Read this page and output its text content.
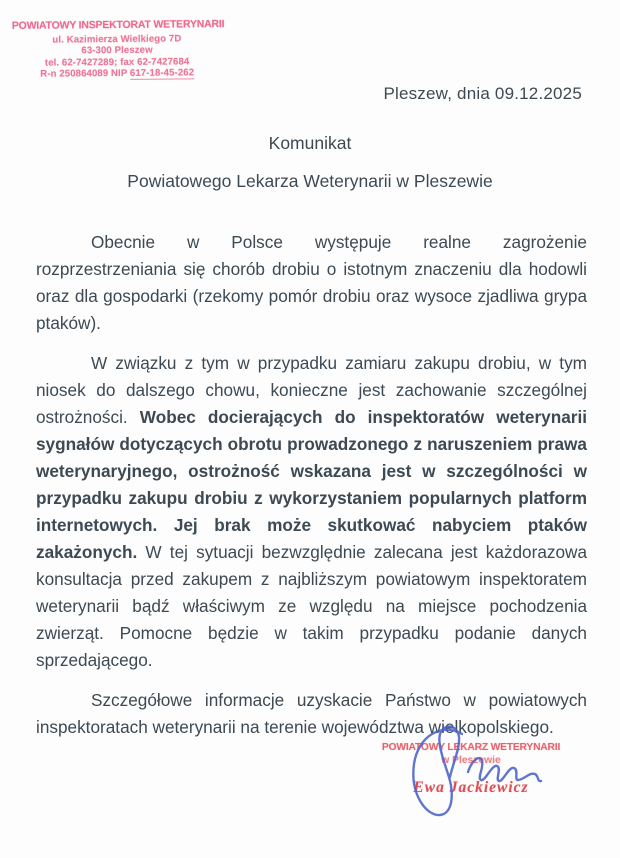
POWIATOWY INSPEKTORAT WETERYNARII
ul. Kazimierza Wielkiego 7D
63-300 Pleszew
tel. 62-7427289; fax 62-7427684
R-n 250864089 NIP 617-18-45-262
Pleszew, dnia 09.12.2025
Komunikat
Powiatowego Lekarza Weterynarii w Pleszewie

Obecnie w Polsce występuje realne zagrożenie rozprzestrzeniania się chorób drobiu o istotnym znaczeniu dla hodowli oraz dla gospodarki (rzekomy pomór drobiu oraz wysoce zjadliwa grypa ptaków).

W związku z tym w przypadku zamiaru zakupu drobiu, w tym niosek do dalszego chowu, konieczne jest zachowanie szczególnej ostrożności. Wobec docierających do inspektoratów weterynarii sygnałów dotyczących obrotu prowadzonego z naruszeniem prawa weterynaryjnego, ostrożność wskazana jest w szczególności w przypadku zakupu drobiu z wykorzystaniem popularnych platform internetowych. Jej brak może skutkować nabyciem ptaków zakażonych. W tej sytuacji bezwzględnie zalecana jest każdorazowa konsultacja przed zakupem z najbliższym powiatowym inspektoratem weterynarii bądź właściwym ze względu na miejsce pochodzenia zwierząt. Pomocne będzie w takim przypadku podanie danych sprzedającego.

Szczegółowe informacje uzyskacie Państwo w powiatowych inspektoratach weterynarii na terenie województwa wielkopolskiego.

POWIATOWY LEKARZ WETERYNARII
w Pleszewie
Ewa Jackiewicz
